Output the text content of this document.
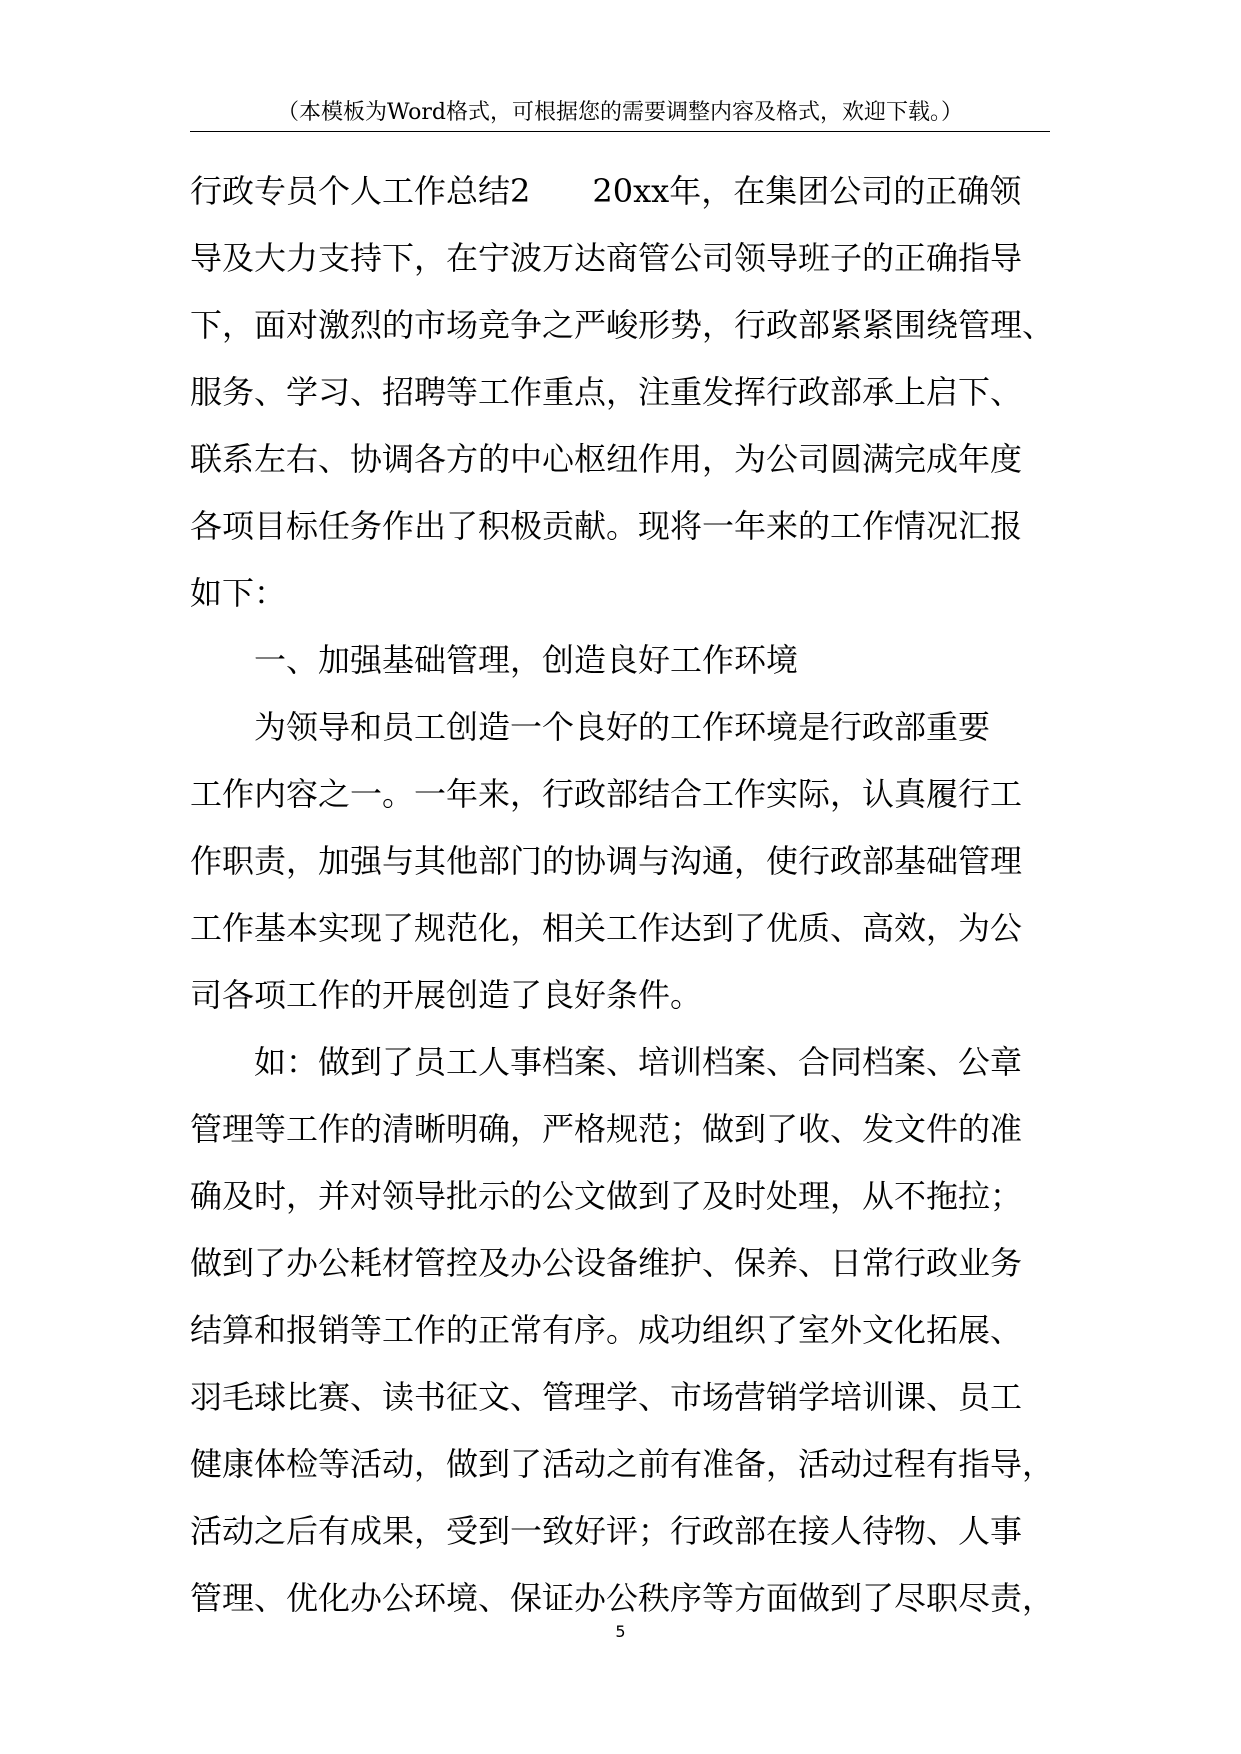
（本模板为Word格式，可根据您的需要调整内容及格式，欢迎下载。）
行政专员个人工作总结2 20xx年，在集团公司的正确领
导及大力支持下，在宁波万达商管公司领导班子的正确指导
下，面对激烈的市场竞争之严峻形势，行政部紧紧围绕管理、
服务、学习、招聘等工作重点，注重发挥行政部承上启下、
联系左右、协调各方的中心枢纽作用，为公司圆满完成年度
各项目标任务作出了积极贡献。现将一年来的工作情况汇报
如下：
一、加强基础管理，创造良好工作环境
为领导和员工创造一个良好的工作环境是行政部重要
工作内容之一。一年来，行政部结合工作实际，认真履行工
作职责，加强与其他部门的协调与沟通，使行政部基础管理
工作基本实现了规范化，相关工作达到了优质、高效，为公
司各项工作的开展创造了良好条件。
如：做到了员工人事档案、培训档案、合同档案、公章
管理等工作的清晰明确，严格规范；做到了收、发文件的准
确及时，并对领导批示的公文做到了及时处理，从不拖拉；
做到了办公耗材管控及办公设备维护、保养、日常行政业务
结算和报销等工作的正常有序。成功组织了室外文化拓展、
羽毛球比赛、读书征文、管理学、市场营销学培训课、员工
健康体检等活动，做到了活动之前有准备，活动过程有指导，
活动之后有成果，受到一致好评；行政部在接人待物、人事
管理、优化办公环境、保证办公秩序等方面做到了尽职尽责，
5
